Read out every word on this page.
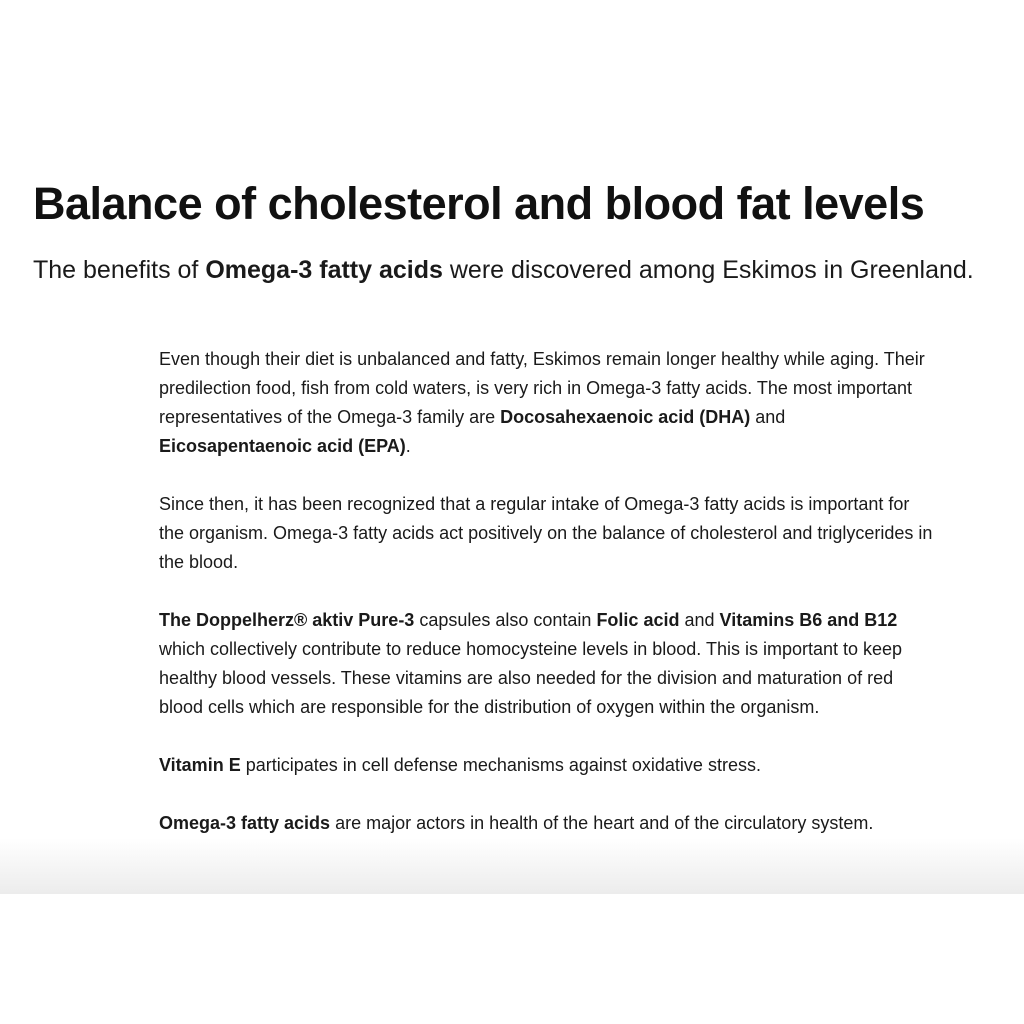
Balance of cholesterol and blood fat levels
The benefits of Omega-3 fatty acids were discovered among Eskimos in Greenland.

Even though their diet is unbalanced and fatty, Eskimos remain longer healthy while aging. Their predilection food, fish from cold waters, is very rich in Omega-3 fatty acids. The most important representatives of the Omega-3 family are Docosahexaenoic acid (DHA) and Eicosapentaenoic acid (EPA).

Since then, it has been recognized that a regular intake of Omega-3 fatty acids is important for the organism. Omega-3 fatty acids act positively on the balance of cholesterol and triglycerides in the blood.

The Doppelherz® aktiv Pure-3 capsules also contain Folic acid and Vitamins B6 and B12 which collectively contribute to reduce homocysteine levels in blood. This is important to keep healthy blood vessels. These vitamins are also needed for the division and maturation of red blood cells which are responsible for the distribution of oxygen within the organism.

Vitamin E participates in cell defense mechanisms against oxidative stress.

Omega-3 fatty acids are major actors in health of the heart and of the circulatory system.
